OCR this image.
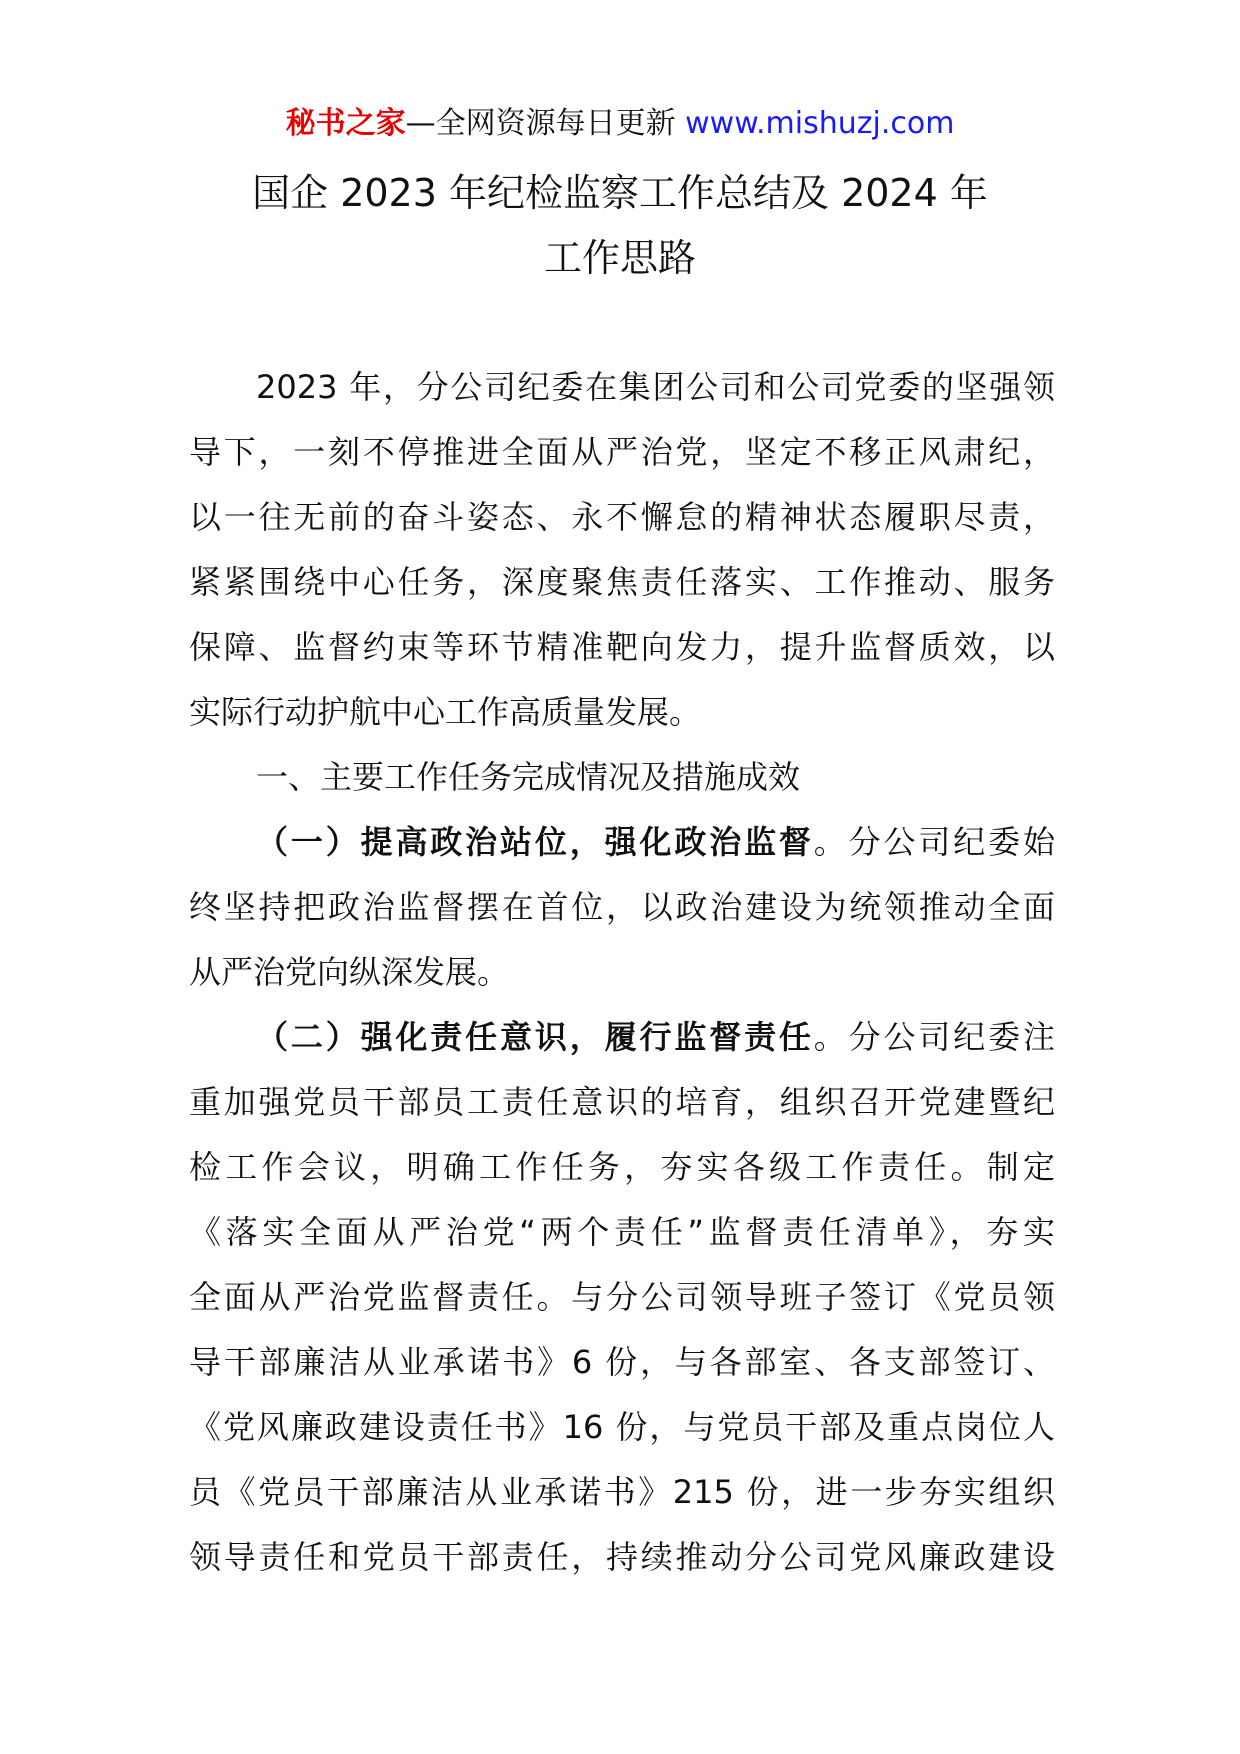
秘书之家—全网资源每日更新 www.mishuzj.com
国企 2023 年纪检监察工作总结及 2024 年
工作思路
2023 年，分公司纪委在集团公司和公司党委的坚强领
导下，一刻不停推进全面从严治党，坚定不移正风肃纪，
以一往无前的奋斗姿态、永不懈怠的精神状态履职尽责，
紧紧围绕中心任务，深度聚焦责任落实、工作推动、服务
保障、监督约束等环节精准靶向发力，提升监督质效，以
实际行动护航中心工作高质量发展。
一、主要工作任务完成情况及措施成效
（一）提高政治站位，强化政治监督。分公司纪委始
终坚持把政治监督摆在首位，以政治建设为统领推动全面
从严治党向纵深发展。
（二）强化责任意识，履行监督责任。分公司纪委注
重加强党员干部员工责任意识的培育，组织召开党建暨纪
检工作会议，明确工作任务，夯实各级工作责任。制定
《落实全面从严治党“两个责任”监督责任清单》，夯实
全面从严治党监督责任。与分公司领导班子签订《党员领
导干部廉洁从业承诺书》6 份，与各部室、各支部签订、
《党风廉政建设责任书》16 份，与党员干部及重点岗位人
员《党员干部廉洁从业承诺书》215 份，进一步夯实组织
领导责任和党员干部责任，持续推动分公司党风廉政建设
